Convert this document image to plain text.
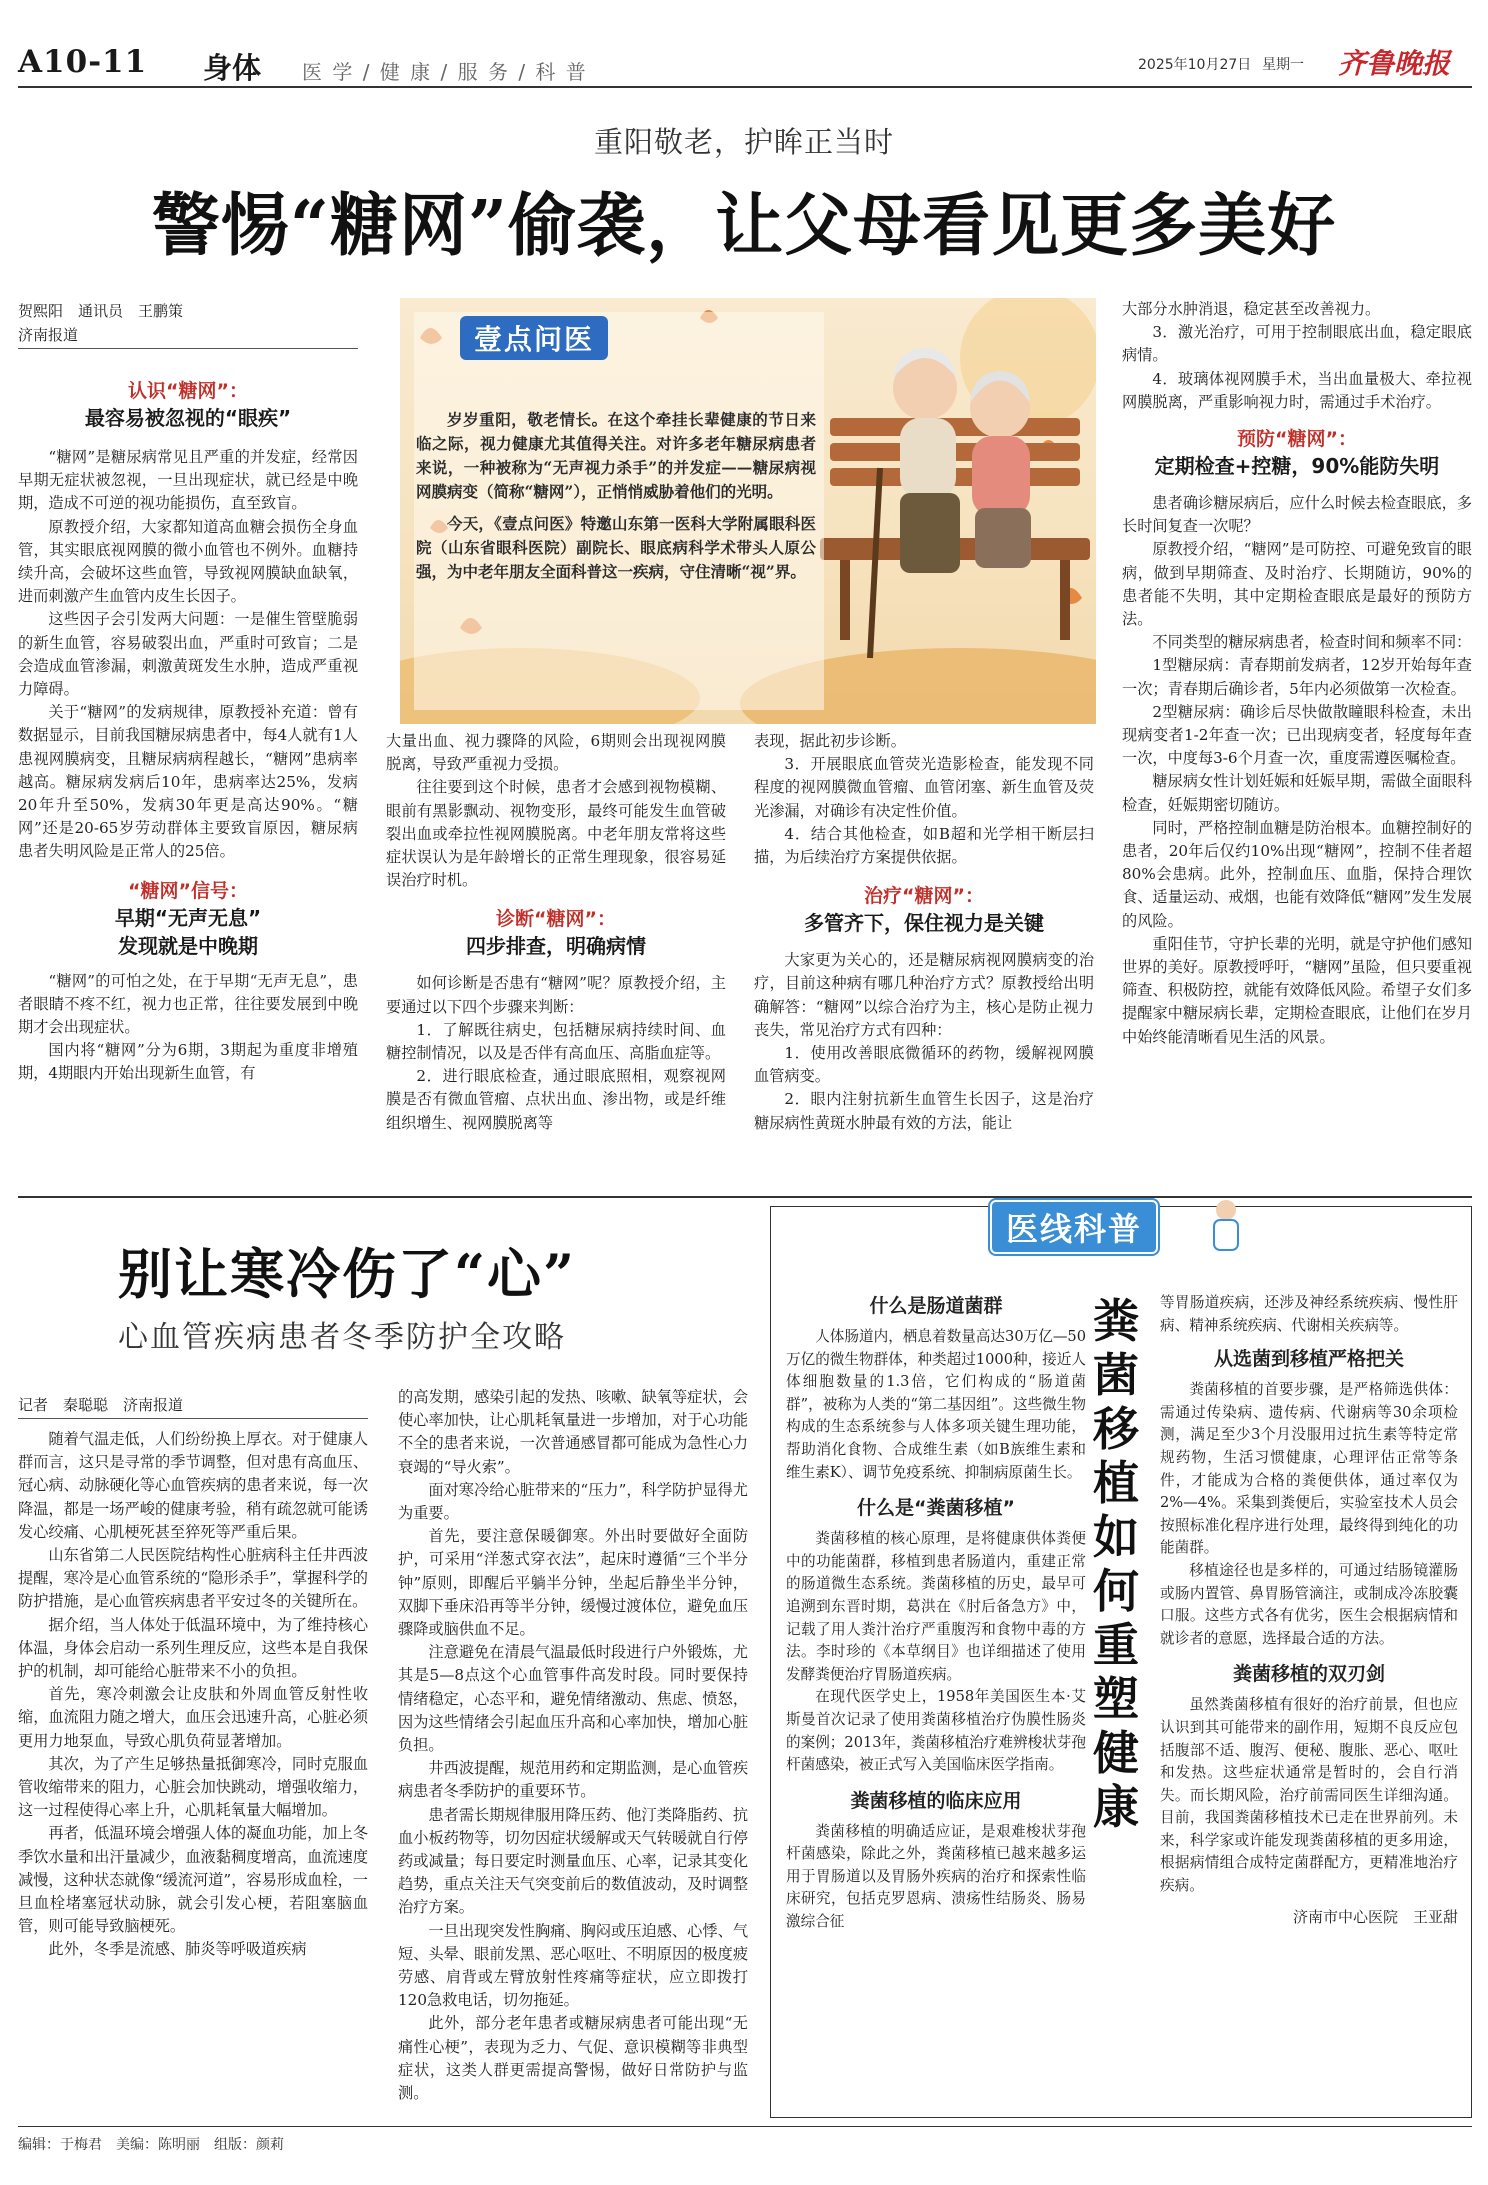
A10-11 身体 医 学 / 健 康 / 服 务 / 科 普	2025年10月27日 星期一 齐鲁晚报
重阳敬老，护眸正当时
警惕“糖网”偷袭，让父母看见更多美好
贺熙阳　通讯员　王鹏策
济南报道

认识“糖网”：

最容易被忽视的“眼疾”

“糖网”是糖尿病常见且严重的并发症，经常因早期无症状被忽视，一旦出现症状，就已经是中晚期，造成不可逆的视功能损伤，直至致盲。

原教授介绍，大家都知道高血糖会损伤全身血管，其实眼底视网膜的微小血管也不例外。血糖持续升高，会破坏这些血管，导致视网膜缺血缺氧，进而刺激产生血管内皮生长因子。

这些因子会引发两大问题：一是催生管壁脆弱的新生血管，容易破裂出血，严重时可致盲；二是会造成血管渗漏，刺激黄斑发生水肿，造成严重视力障碍。

关于“糖网”的发病规律，原教授补充道：曾有数据显示，目前我国糖尿病患者中，每4人就有1人患视网膜病变，且糖尿病病程越长，“糖网”患病率越高。糖尿病发病后10年，患病率达25%，发病20年升至50%，发病30年更是高达90%。“糖网”还是20-65岁劳动群体主要致盲原因，糖尿病患者失明风险是正常人的25倍。

“糖网”信号：

早期“无声无息”

发现就是中晚期

“糖网”的可怕之处，在于早期“无声无息”，患者眼睛不疼不红，视力也正常，往往要发展到中晚期才会出现症状。

国内将“糖网”分为6期，3期起为重度非增殖期，4期眼内开始出现新生血管，有

壹点问医

岁岁重阳，敬老情长。在这个牵挂长辈健康的节日来临之际，视力健康尤其值得关注。对许多老年糖尿病患者来说，一种被称为“无声视力杀手”的并发症——糖尿病视网膜病变（简称“糖网”），正悄悄威胁着他们的光明。

今天，《壹点问医》特邀山东第一医科大学附属眼科医院（山东省眼科医院）副院长、眼底病科学术带头人原公强，为中老年朋友全面科普这一疾病，守住清晰“视”界。

大量出血、视力骤降的风险，6期则会出现视网膜脱离，导致严重视力受损。

往往要到这个时候，患者才会感到视物模糊、眼前有黑影飘动、视物变形，最终可能发生血管破裂出血或牵拉性视网膜脱离。中老年朋友常将这些症状误认为是年龄增长的正常生理现象，很容易延误治疗时机。

诊断“糖网”：

四步排查，明确病情

如何诊断是否患有“糖网”呢？原教授介绍，主要通过以下四个步骤来判断：

1．了解既往病史，包括糖尿病持续时间、血糖控制情况，以及是否伴有高血压、高脂血症等。

2．进行眼底检查，通过眼底照相，观察视网膜是否有微血管瘤、点状出血、渗出物，或是纤维组织增生、视网膜脱离等

表现，据此初步诊断。

3．开展眼底血管荧光造影检查，能发现不同程度的视网膜微血管瘤、血管闭塞、新生血管及荧光渗漏，对确诊有决定性价值。

4．结合其他检查，如B超和光学相干断层扫描，为后续治疗方案提供依据。

治疗“糖网”：

多管齐下，保住视力是关键

大家更为关心的，还是糖尿病视网膜病变的治疗，目前这种病有哪几种治疗方式？原教授给出明确解答：“糖网”以综合治疗为主，核心是防止视力丧失，常见治疗方式有四种：

1．使用改善眼底微循环的药物，缓解视网膜血管病变。

2．眼内注射抗新生血管生长因子，这是治疗糖尿病性黄斑水肿最有效的方法，能让

大部分水肿消退，稳定甚至改善视力。

3．激光治疗，可用于控制眼底出血，稳定眼底病情。

4．玻璃体视网膜手术，当出血量极大、牵拉视网膜脱离，严重影响视力时，需通过手术治疗。

预防“糖网”：

定期检查+控糖，90%能防失明

患者确诊糖尿病后，应什么时候去检查眼底，多长时间复查一次呢？

原教授介绍，“糖网”是可防控、可避免致盲的眼病，做到早期筛查、及时治疗、长期随访，90%的患者能不失明，其中定期检查眼底是最好的预防方法。

不同类型的糖尿病患者，检查时间和频率不同：

1型糖尿病：青春期前发病者，12岁开始每年查一次；青春期后确诊者，5年内必须做第一次检查。

2型糖尿病：确诊后尽快做散瞳眼科检查，未出现病变者1-2年查一次；已出现病变者，轻度每年查一次，中度每3-6个月查一次，重度需遵医嘱检查。

糖尿病女性计划妊娠和妊娠早期，需做全面眼科检查，妊娠期密切随访。

同时，严格控制血糖是防治根本。血糖控制好的患者，20年后仅约10%出现“糖网”，控制不佳者超80%会患病。此外，控制血压、血脂，保持合理饮食、适量运动、戒烟，也能有效降低“糖网”发生发展的风险。

重阳佳节，守护长辈的光明，就是守护他们感知世界的美好。原教授呼吁，“糖网”虽险，但只要重视筛查、积极防控，就能有效降低风险。希望子女们多提醒家中糖尿病长辈，定期检查眼底，让他们在岁月中始终能清晰看见生活的风景。

别让寒冷伤了“心”
心血管疾病患者冬季防护全攻略
记者　秦聪聪　济南报道

随着气温走低，人们纷纷换上厚衣。对于健康人群而言，这只是寻常的季节调整，但对患有高血压、冠心病、动脉硬化等心血管疾病的患者来说，每一次降温，都是一场严峻的健康考验，稍有疏忽就可能诱发心绞痛、心肌梗死甚至猝死等严重后果。

山东省第二人民医院结构性心脏病科主任井西波提醒，寒冷是心血管系统的“隐形杀手”，掌握科学的防护措施，是心血管疾病患者平安过冬的关键所在。

据介绍，当人体处于低温环境中，为了维持核心体温，身体会启动一系列生理反应，这些本是自我保护的机制，却可能给心脏带来不小的负担。

首先，寒冷刺激会让皮肤和外周血管反射性收缩，血流阻力随之增大，血压会迅速升高，心脏必须更用力地泵血，导致心肌负荷显著增加。

其次，为了产生足够热量抵御寒冷，同时克服血管收缩带来的阻力，心脏会加快跳动，增强收缩力，这一过程使得心率上升，心肌耗氧量大幅增加。

再者，低温环境会增强人体的凝血功能，加上冬季饮水量和出汗量减少，血液黏稠度增高，血流速度减慢，这种状态就像“缓流河道”，容易形成血栓，一旦血栓堵塞冠状动脉，就会引发心梗，若阻塞脑血管，则可能导致脑梗死。

此外，冬季是流感、肺炎等呼吸道疾病

的高发期，感染引起的发热、咳嗽、缺氧等症状，会使心率加快，让心肌耗氧量进一步增加，对于心功能不全的患者来说，一次普通感冒都可能成为急性心力衰竭的“导火索”。

面对寒冷给心脏带来的“压力”，科学防护显得尤为重要。

首先，要注意保暖御寒。外出时要做好全面防护，可采用“洋葱式穿衣法”，起床时遵循“三个半分钟”原则，即醒后平躺半分钟，坐起后静坐半分钟，双脚下垂床沿再等半分钟，缓慢过渡体位，避免血压骤降或脑供血不足。

注意避免在清晨气温最低时段进行户外锻炼，尤其是5—8点这个心血管事件高发时段。同时要保持情绪稳定，心态平和，避免情绪激动、焦虑、愤怒，因为这些情绪会引起血压升高和心率加快，增加心脏负担。

井西波提醒，规范用药和定期监测，是心血管疾病患者冬季防护的重要环节。

患者需长期规律服用降压药、他汀类降脂药、抗血小板药物等，切勿因症状缓解或天气转暖就自行停药或减量；每日要定时测量血压、心率，记录其变化趋势，重点关注天气突变前后的数值波动，及时调整治疗方案。

一旦出现突发性胸痛、胸闷或压迫感、心悸、气短、头晕、眼前发黑、恶心呕吐、不明原因的极度疲劳感、肩背或左臂放射性疼痛等症状，应立即拨打120急救电话，切勿拖延。

此外，部分老年患者或糖尿病患者可能出现“无痛性心梗”，表现为乏力、气促、意识模糊等非典型症状，这类人群更需提高警惕，做好日常防护与监测。

医线科普
粪菌移植如何重塑健康

什么是肠道菌群

人体肠道内，栖息着数量高达30万亿—50万亿的微生物群体，种类超过1000种，接近人体细胞数量的1.3倍，它们构成的“肠道菌群”，被称为人类的“第二基因组”。这些微生物构成的生态系统参与人体多项关键生理功能，帮助消化食物、合成维生素（如B族维生素和维生素K）、调节免疫系统、抑制病原菌生长。

什么是“粪菌移植”

粪菌移植的核心原理，是将健康供体粪便中的功能菌群，移植到患者肠道内，重建正常的肠道微生态系统。粪菌移植的历史，最早可追溯到东晋时期，葛洪在《肘后备急方》中，记载了用人粪汁治疗严重腹泻和食物中毒的方法。李时珍的《本草纲目》也详细描述了使用发酵粪便治疗胃肠道疾病。

在现代医学史上，1958年美国医生本·艾斯曼首次记录了使用粪菌移植治疗伪膜性肠炎的案例；2013年，粪菌移植治疗难辨梭状芽孢杆菌感染，被正式写入美国临床医学指南。

粪菌移植的临床应用

粪菌移植的明确适应证，是艰难梭状芽孢杆菌感染，除此之外，粪菌移植已越来越多运用于胃肠道以及胃肠外疾病的治疗和探索性临床研究，包括克罗恩病、溃疡性结肠炎、肠易激综合征

等胃肠道疾病，还涉及神经系统疾病、慢性肝病、精神系统疾病、代谢相关疾病等。

从选菌到移植严格把关

粪菌移植的首要步骤，是严格筛选供体：需通过传染病、遗传病、代谢病等30余项检测，满足至少3个月没服用过抗生素等特定常规药物，生活习惯健康，心理评估正常等条件，才能成为合格的粪便供体，通过率仅为2%—4%。采集到粪便后，实验室技术人员会按照标准化程序进行处理，最终得到纯化的功能菌群。

移植途径也是多样的，可通过结肠镜灌肠或肠内置管、鼻胃肠管滴注，或制成冷冻胶囊口服。这些方式各有优劣，医生会根据病情和就诊者的意愿，选择最合适的方法。

粪菌移植的双刃剑

虽然粪菌移植有很好的治疗前景，但也应认识到其可能带来的副作用，短期不良反应包括腹部不适、腹泻、便秘、腹胀、恶心、呕吐和发热。这些症状通常是暂时的，会自行消失。而长期风险，治疗前需同医生详细沟通。目前，我国粪菌移植技术已走在世界前列。未来，科学家或许能发现粪菌移植的更多用途，根据病情组合成特定菌群配方，更精准地治疗疾病。

济南市中心医院　王亚甜

编辑：于梅君　美编：陈明丽　组版：颜莉
